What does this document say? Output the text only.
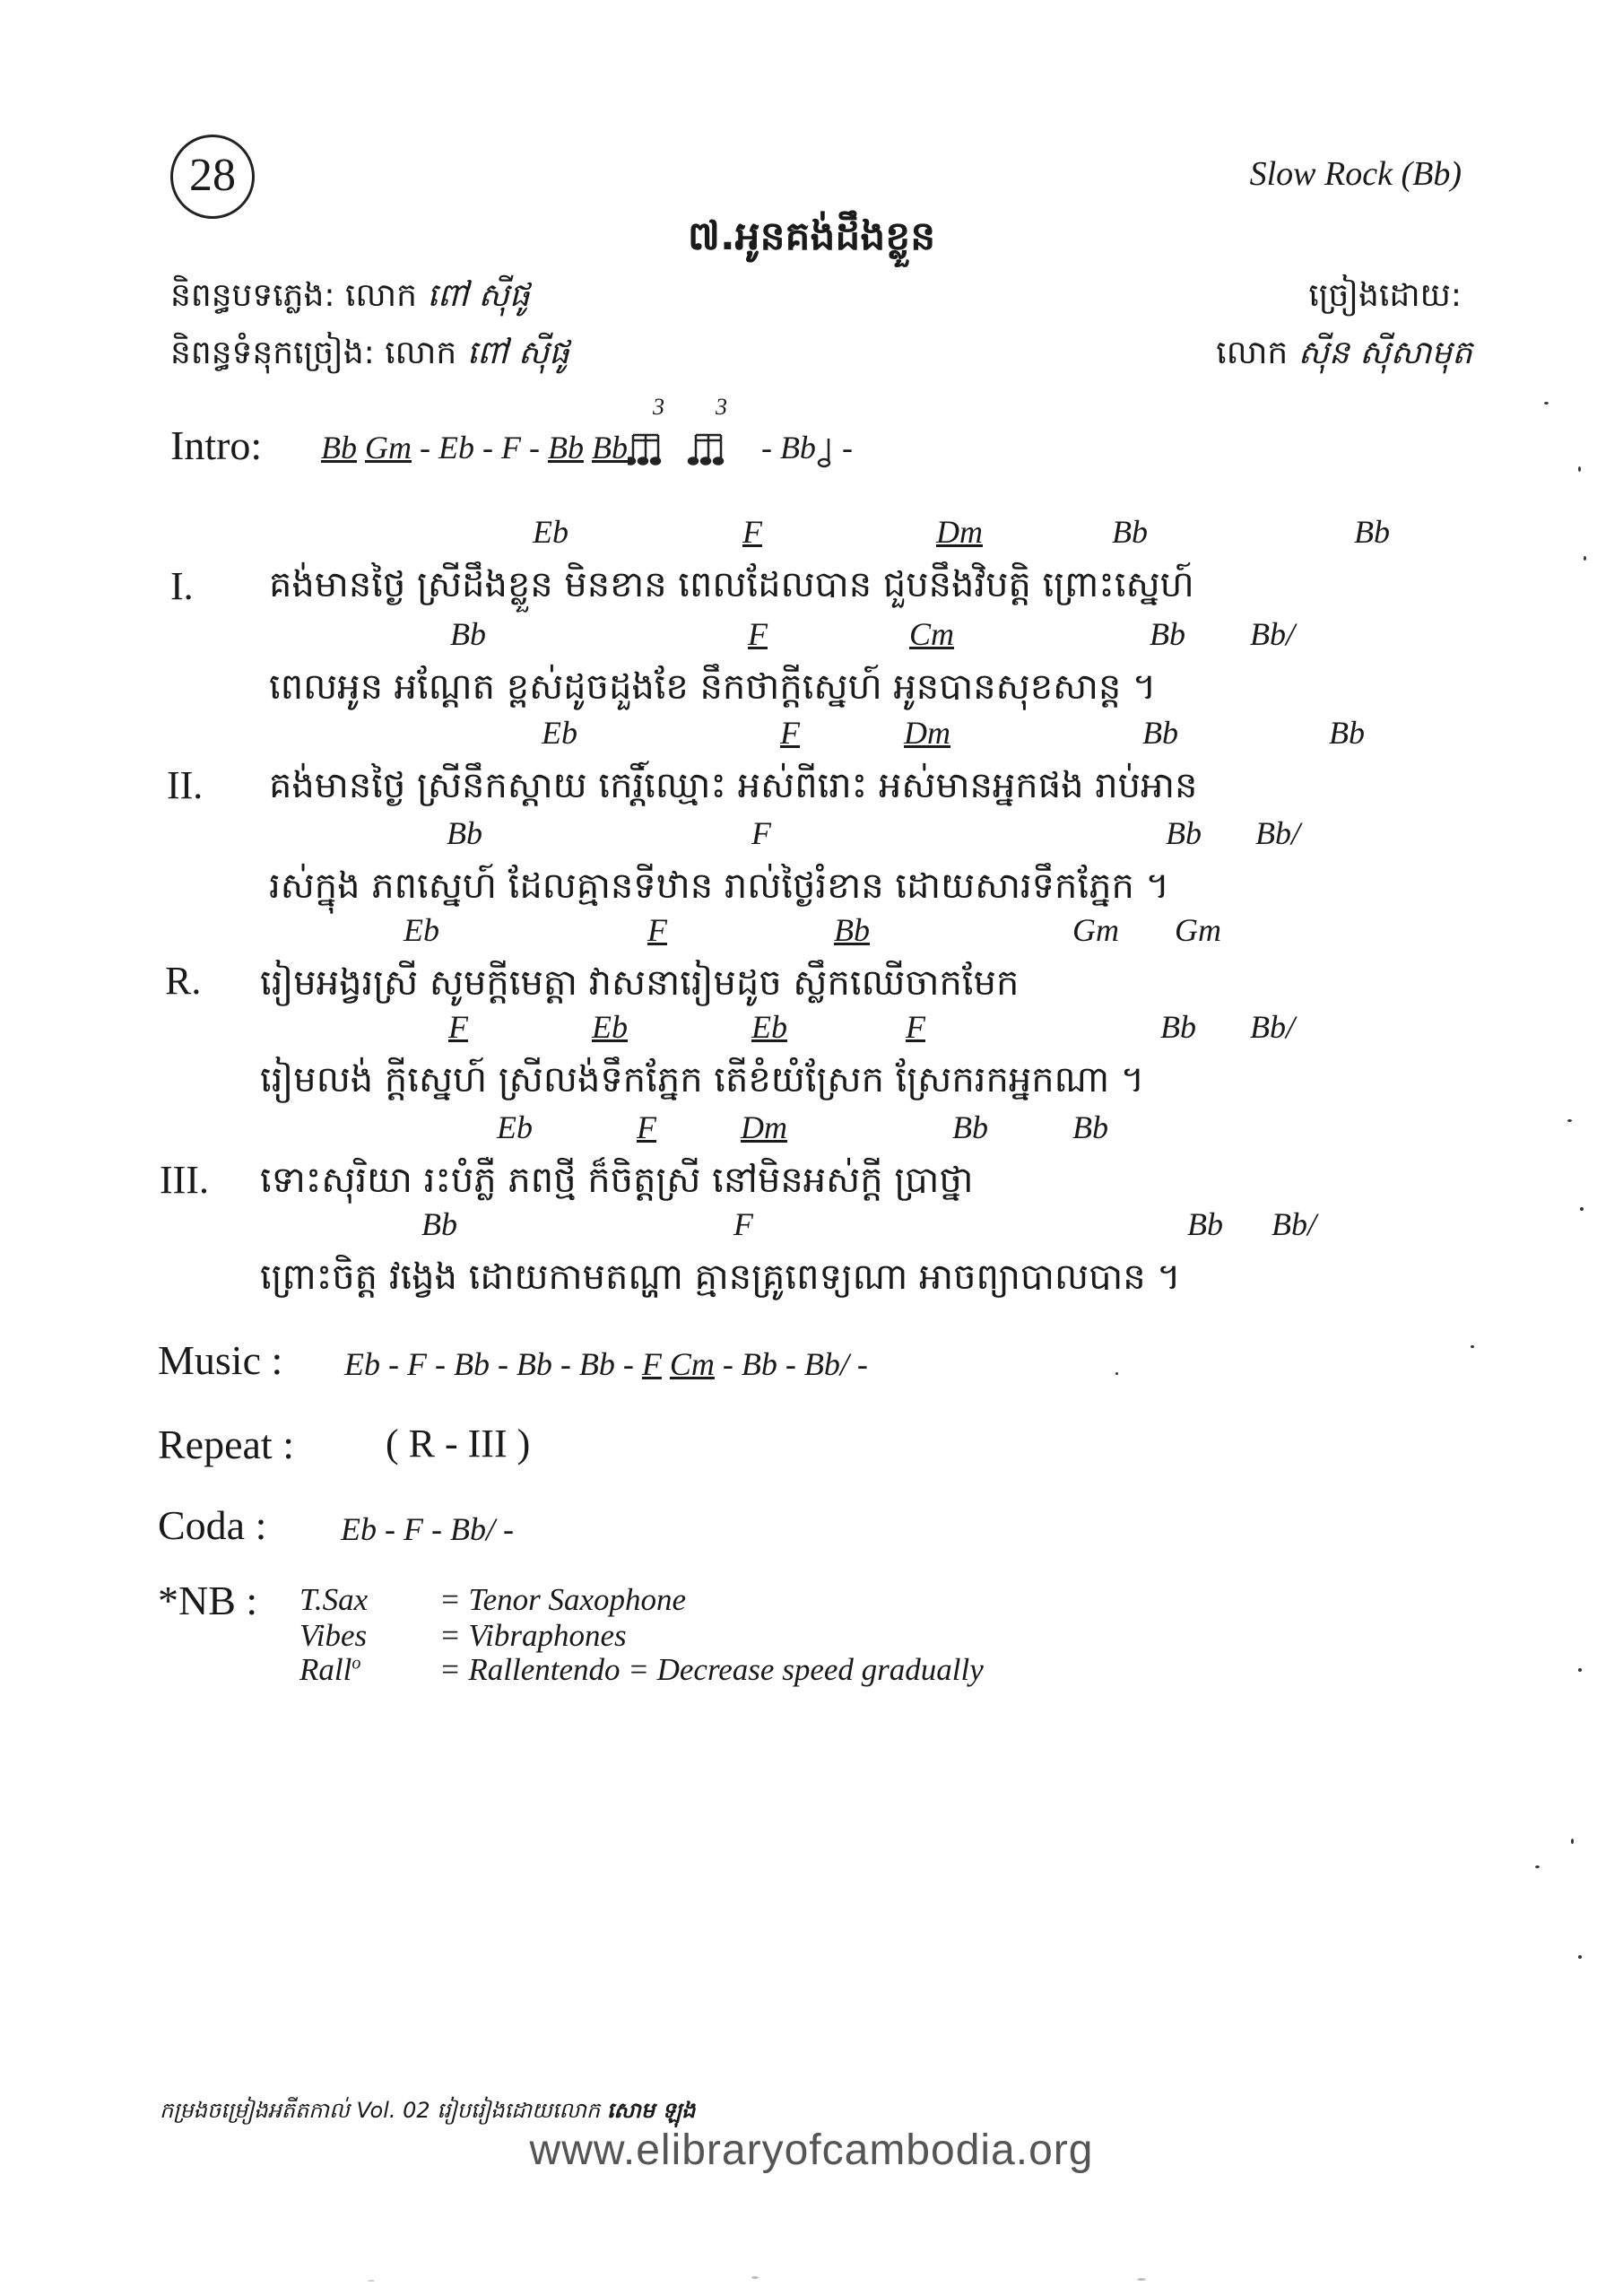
28	Slow Rock (Bb)
៧.អូនគង់ដឹងខ្លួន
និពន្ធបទភ្លេង: លោក ពៅ ស៊ីផូ
និពន្ធទំនុកច្រៀង: លោក ពៅ ស៊ីផូ
ច្រៀងដោយ:
លោក ស៊ីន ស៊ីសាមុត
Intro: Bb Gm - Eb - F - Bb Bb
3 3
- Bb -
I.
Eb	F	Dm	Bb	Bb
គង់មានថ្ងៃ ស្រីដឹងខ្លួន មិនខាន ពេលដែលបាន ជួបនឹងវិបត្តិ ព្រោះស្នេហ៍
Bb	F	Cm	Bb Bb/
ពេលអូន អណ្តែត ខ្ពស់ដូចដួងខែ នឹកថាក្តីស្នេហ៍ អូនបានសុខសាន្ត ។
II.
Eb	F	Dm	Bb	Bb
គង់មានថ្ងៃ ស្រីនឹកស្តាយ កេរ្តិ៍ឈ្មោះ អស់ពីរោះ អស់មានអ្នកផង រាប់អាន
Bb	F	Bb Bb/
រស់ក្នុង ភពស្នេហ៍ ដែលគ្មានទីឋាន រាល់ថ្ងៃរំខាន ដោយសារទឹកភ្នែក ។
R.
Eb	F	Bb	Gm Gm
រៀមអង្វរស្រី សូមក្តីមេត្តា វាសនារៀមដូច ស្លឹកឈើចាកមែក
F	Eb	Eb	F	Bb Bb/
រៀមលង់ ក្តីស្នេហ៍ ស្រីលង់ទឹកភ្នែក តើខំយំស្រែក ស្រែករកអ្នកណា ។
III.
Eb	F	Dm	Bb	Bb
ទោះសុរិយា រះបំភ្លឺ ភពថ្មី ក៏ចិត្តស្រី នៅមិនអស់ក្តី ប្រាថ្នា
Bb	F	Bb Bb/
ព្រោះចិត្ត វង្វេង ដោយកាមតណ្ហា គ្មានគ្រូពេទ្យណា អាចព្យាបាលបាន ។
Music : Eb - F - Bb - Bb - Bb - F Cm - Bb - Bb/ -
Repeat : ( R - III )
Coda : Eb - F - Bb/ -
*NB : T.Sax = Tenor Saxophone
Vibes = Vibraphones
Rall$^o$	= Rallentendo = Decrease speed gradually
កម្រងចម្រៀងអតីតកាល់ Vol. 02 រៀបរៀងដោយលោក សោម ឡុង
www.elibraryofcambodia.org
